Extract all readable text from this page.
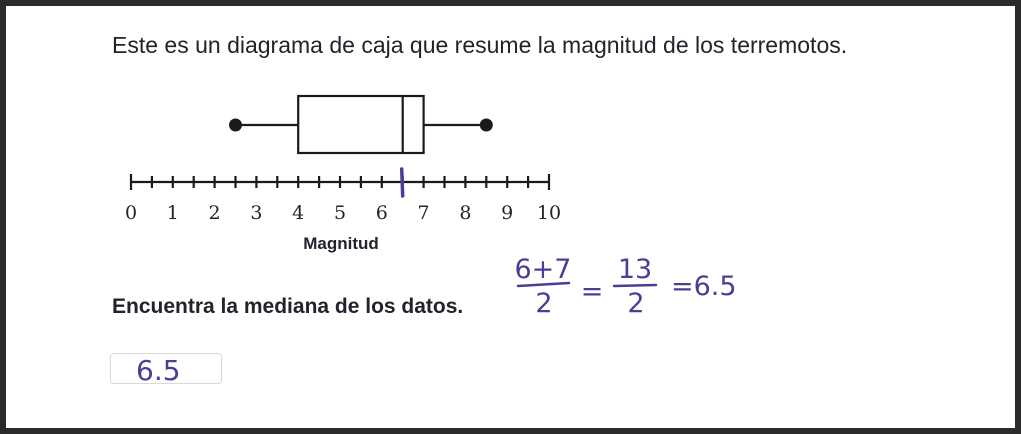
Este es un diagrama de caja que resume la magnitud de los terremotos.
0 1 2 3 4 5 6 7 8 9 10
Magnitud
6+7
2 =
13
2
=6.5
Encuentra la mediana de los datos.
6.5
